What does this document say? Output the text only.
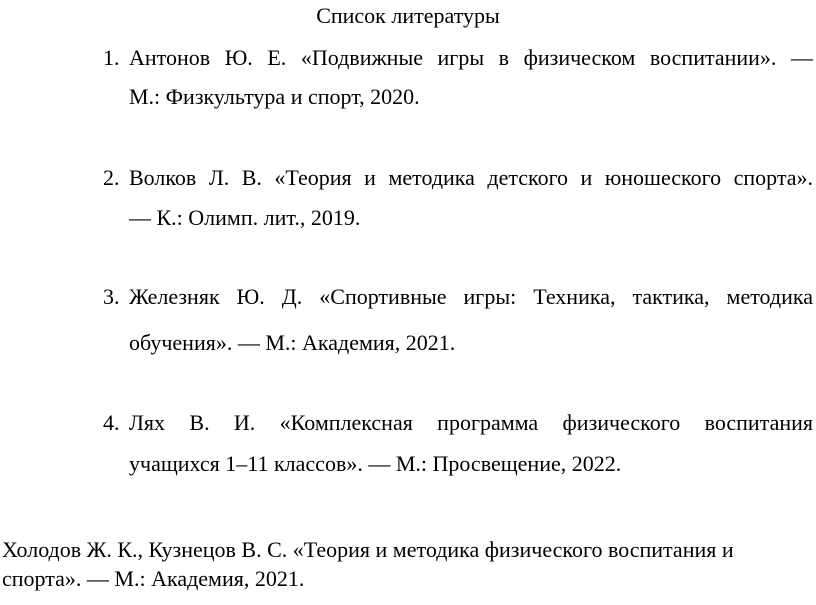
Список литературы
1. Антонов Ю. Е. «Подвижные игры в физическом воспитании». —
М.: Физкультура и спорт, 2020.
2. Волков Л. В. «Теория и методика детского и юношеского спорта».
— К.: Олимп. лит., 2019.
3. Железняк Ю. Д. «Спортивные игры: Техника, тактика, методика
обучения». — М.: Академия, 2021.
4. Лях В. И. «Комплексная программа физического воспитания
учащихся 1–11 классов». — М.: Просвещение, 2022.
Холодов Ж. К., Кузнецов В. С. «Теория и методика физического воспитания и
спорта». — М.: Академия, 2021.
